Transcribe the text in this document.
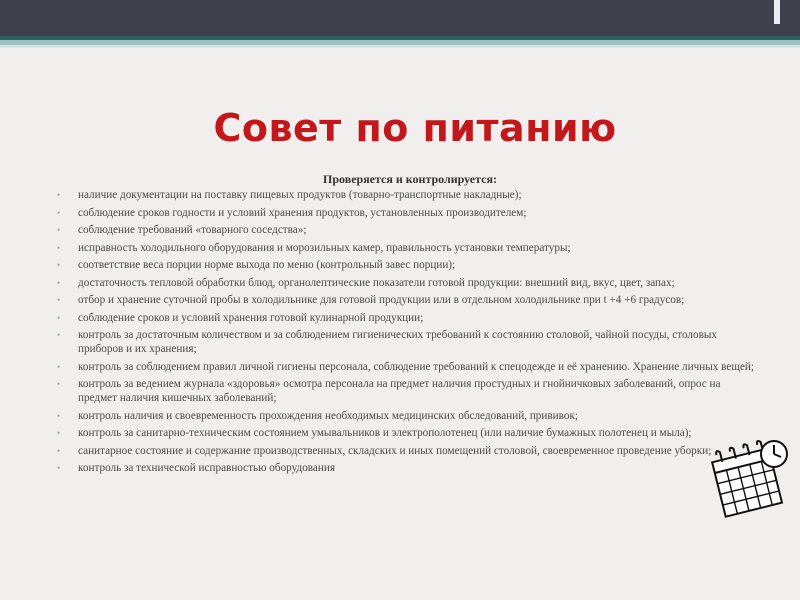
Совет по питанию

Проверяется и контролируется:

• наличие документации на поставку пищевых продуктов (товарно-транспортные накладные);
• соблюдение сроков годности и условий хранения продуктов, установленных производителем;
• соблюдение требований «товарного соседства»;
• исправность холодильного оборудования и морозильных камер, правильность установки температуры;
• соответствие веса порции норме выхода по меню (контрольный завес порции);
• достаточность тепловой обработки блюд, органолептические показатели готовой продукции: внешний вид, вкус, цвет, запах;
• отбор и хранение суточной пробы в холодильнике для готовой продукции или в отдельном холодильнике при t +4 +6 градусов;
• соблюдение сроков и условий хранения готовой кулинарной продукции;
• контроль за достаточным количеством и за соблюдением гигиенических требований к состоянию столовой, чайной посуды, столовых приборов и их хранения;
• контроль за соблюдением правил личной гигиены персонала, соблюдение требований к спецодежде и её хранению. Хранение личных вещей;
• контроль за ведением журнала «здоровья» осмотра персонала на предмет наличия простудных и гнойничковых заболеваний, опрос на предмет наличия кишечных заболеваний;
• контроль наличия и своевременность прохождения необходимых медицинских обследований, прививок;
• контроль за санитарно-техническим состоянием умывальников и электрополотенец (или наличие бумажных полотенец и мыла);
• санитарное состояние и содержание производственных, складских и иных помещений столовой, своевременное проведение уборки;
• контроль за технической исправностью оборудования
